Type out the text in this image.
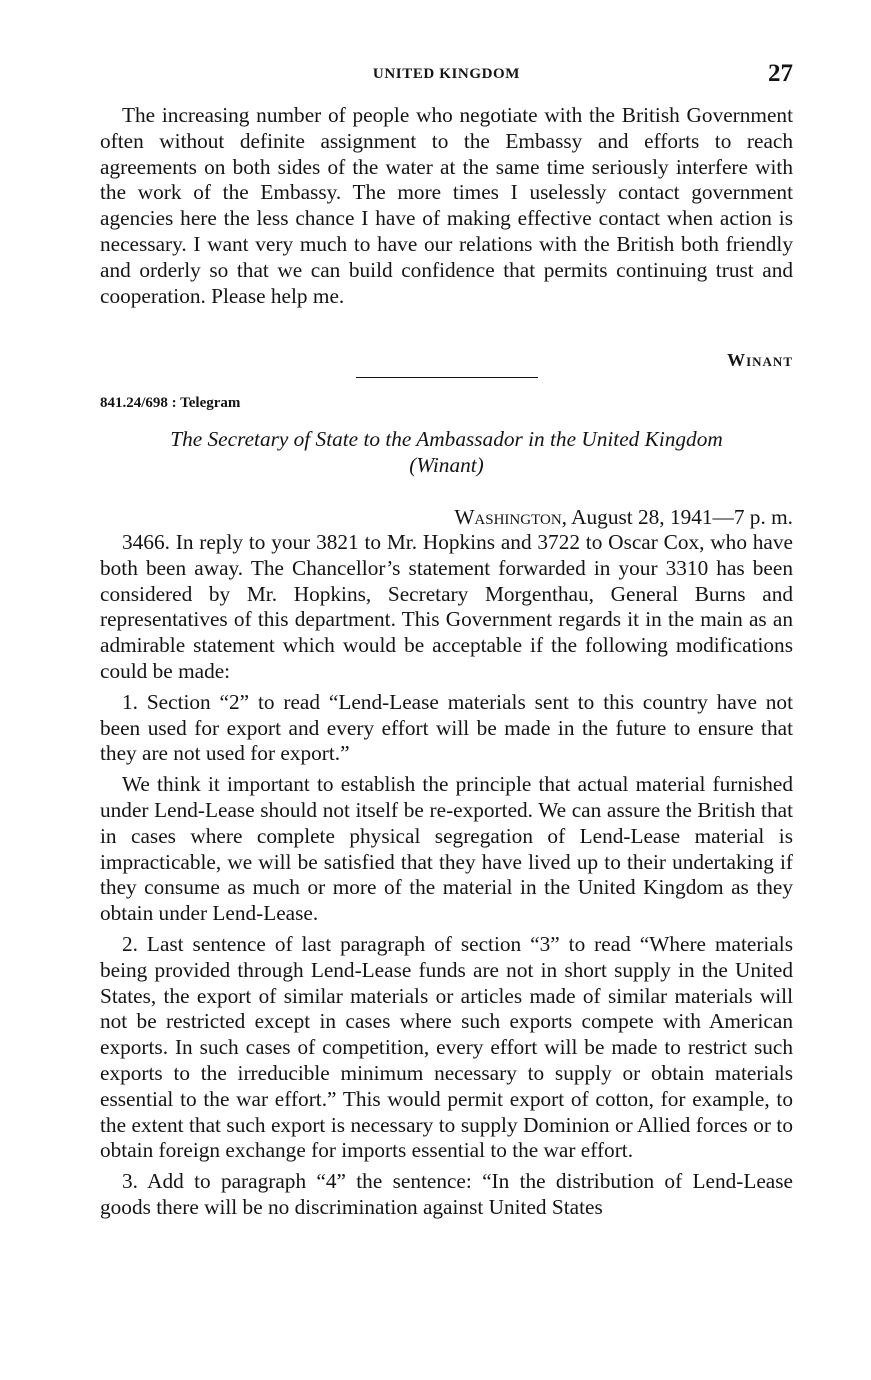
UNITED KINGDOM	27

The increasing number of people who negotiate with the British Government often without definite assignment to the Embassy and efforts to reach agreements on both sides of the water at the same time seriously interfere with the work of the Embassy. The more times I uselessly contact government agencies here the less chance I have of making effective contact when action is necessary. I want very much to have our relations with the British both friendly and orderly so that we can build confidence that permits continuing trust and cooperation. Please help me.

Winant
841.24/698 : Telegram
The Secretary of State to the Ambassador in the United Kingdom
(Winant)
Washington, August 28, 1941—7 p. m.

3466. In reply to your 3821 to Mr. Hopkins and 3722 to Oscar Cox, who have both been away. The Chancellor’s statement forwarded in your 3310 has been considered by Mr. Hopkins, Secretary Morgenthau, General Burns and representatives of this department. This Government regards it in the main as an admirable statement which would be acceptable if the following modifications could be made:

1. Section “2” to read “Lend-Lease materials sent to this country have not been used for export and every effort will be made in the future to ensure that they are not used for export.”

We think it important to establish the principle that actual material furnished under Lend-Lease should not itself be re-exported. We can assure the British that in cases where complete physical segregation of Lend-Lease material is impracticable, we will be satisfied that they have lived up to their undertaking if they consume as much or more of the material in the United Kingdom as they obtain under Lend-Lease.

2. Last sentence of last paragraph of section “3” to read “Where materials being provided through Lend-Lease funds are not in short supply in the United States, the export of similar materials or articles made of similar materials will not be restricted except in cases where such exports compete with American exports. In such cases of competition, every effort will be made to restrict such exports to the irreducible minimum necessary to supply or obtain materials essential to the war effort.” This would permit export of cotton, for example, to the extent that such export is necessary to supply Dominion or Allied forces or to obtain foreign exchange for imports essential to the war effort.

3. Add to paragraph “4” the sentence: “In the distribution of Lend-Lease goods there will be no discrimination against United States
